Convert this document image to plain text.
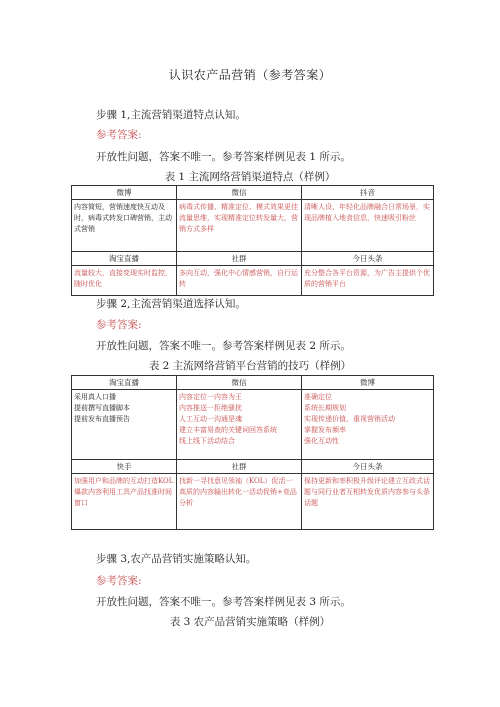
认识农产品营销（参考答案）
步骤 1,主流营销渠道特点认知。
参考答案:
开放性问题，答案不唯一。参考答案样例见表 1 所示。
表 1 主流网络营销渠道特点（样例）
微博	微信	抖音
内容简短，营销速度快互动及时，病毒式转发口碑营销，主动式营销	病毒式传播、精准定位、模式效果更佳流量思维，实现精准定位转发量大，营销方式多样	清晰人设、年轻化品牌融合日常场景，实现品牌植入地食信息，快速吸引粉丝
淘宝直播	社群	今日头条
流量较大，直接变现实时监控，随时优化	多向互动，强化中心情感营销，自行运转	充分整合各平台资源，为广告主提供个优质的营销平台
步骤 2,主流营销渠道选择认知。
参考答案:
开放性问题，答案不唯一。参考答案样例见表 2 所示。
表 2 主流网络营销平台营销的技巧（样例）
淘宝直播	微信	微博

采用真人口播
提前撰写直播脚本
提前发布直播预告	内容定位一内容为王
内容推送一拒绝骚扰
人工互动一沟通是魂
建立丰富易查的关键词回答系统
线上线下活动结合	准确定位
系统长期规划
实现传递价值，重视营销活动
掌握发布频率
强化互动性

快手	社群	今日头条
加强用户和品牌的互动打造KOL爆款内容利用工具产品找准时间窗口	找新一寻找意见领袖（KOL）促活一高质的内容输出转化一活动促销+竞品分析	保持更新和率积极升级评论建立互政式话题与同行业者互相转发优质内容参与头条话题
步骤 3,农产品营销实施策略认知。
参考答案:
开放性问题，答案不唯一。参考答案样例见表 3 所示。
表 3 农产品营销实施策略（样例）
